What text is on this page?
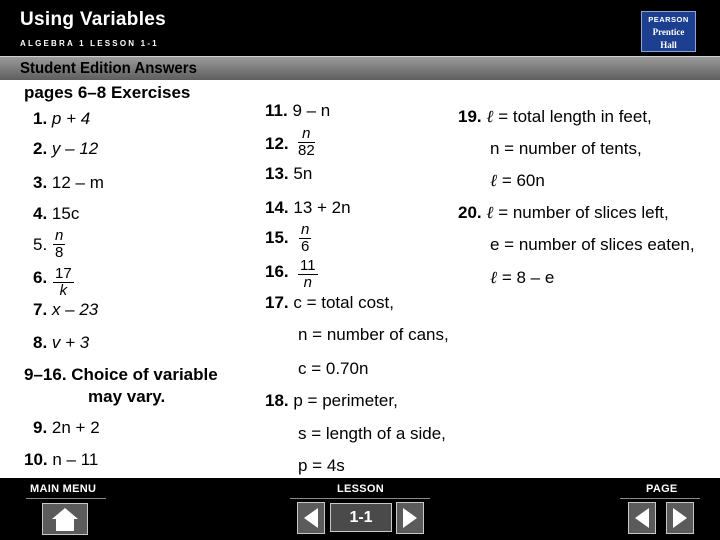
Using Variables
ALGEBRA 1 LESSON 1-1
PEARSON
Prentice
Hall
Student Edition Answers
pages 6–8 Exercises
1. p + 4
2. y – 12
3. 12 – m
4. 15c
5. n
8
6. 17
k
7. x – 23
8. v + 3
9–16. Choice of variable
may vary.
9. 2n + 2
10. n – 11
11. 9 – n
12.
n
82
13. 5n
14. 13 + 2n
15. n
6
16. 11
n
17. c = total cost,
n = number of cans,
c = 0.70n
18. p = perimeter,
s = length of a side,
p = 4s
19. ℓ = total length in feet,
n = number of tents,
ℓ = 60n
20. ℓ = number of slices left,
e = number of slices eaten,
ℓ = 8 – e
MAIN MENU	LESSON	PAGE
1-1
